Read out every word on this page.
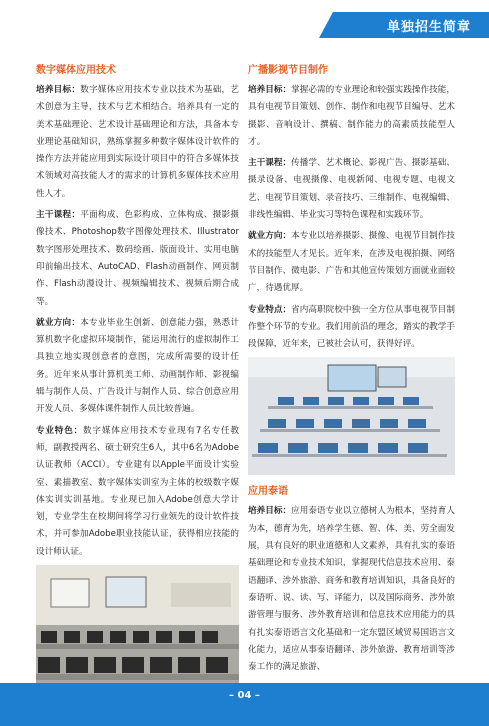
单独招生简章
数字媒体应用技术
培养目标：数字媒体应用技术专业以技术为基础，艺术创意为主导，技术与艺术相结合。培养具有一定的美术基础理论、艺术设计基础理论和方法，具备本专业理论基础知识，熟练掌握多种数字媒体设计软件的操作方法并能应用到实际设计项目中的符合多媒体技术领域对高技能人才的需求的计算机多媒体技术应用性人才。
主干课程：平面构成、色彩构成、立体构成、摄影摄像技术、Photoshop数字图像处理技术、Illustrator数字图形处理技术、数码绘画、版面设计、实用电脑印前输出技术、AutoCAD、Flash动画制作、网页制作、Flash动漫设计、视频编辑技术、视频后期合成等。
就业方向：本专业毕业生创新、创意能力强，熟悉计算机数字化虚拟环境制作，能运用流行的虚拟制作工具独立地实现创意者的意图，完成所需要的设计任务。近年来从事计算机美工师、动画制作师、影视编辑与制作人员、广告设计与制作人员、综合创意应用开发人员、多媒体课件制作人员比较普遍。
专业特色：数字媒体应用技术专业现有7名专任教师，副教授两名、硕士研究生6人，其中6名为Adobe认证教师（ACCI）。专业建有以Apple平面设计实验室、素描教室、数字媒体实训室为主体的校级数字媒体实训实训基地。专业现已加入Adobe创意大学计划，专业学生在校期间将学习行业领先的设计软件技术，并可参加Adobe职业技能认证，获得相应技能的设计师认证。
广播影视节目制作
培养目标：掌握必需的专业理论和较强实践操作技能，具有电视节目策划、创作、制作和电视节目编导、艺术摄影、音响设计、撰稿、制作能力的高素质技能型人才。
主干课程：传播学、艺术概论、影视广告、摄影基础、摄录设备、电视摄像、电视新闻、电视专题、电视文艺、电视节目策划、录音技巧、三维制作、电视编辑、非线性编辑、毕业实习等特色课程和实践环节。
就业方向：本专业以培养摄影、摄像、电视节目制作技术的技能型人才见长。近年来，在涉及电视拍摄、网络节目制作、微电影、广告和其他宣传策划方面就业面较广，待遇优厚。
专业特点：省内高职院校中独一全方位从事电视节目制作整个环节的专业。我们用前沿的理念，踏实的教学手段保障，近年来，已被社会认可，获得好评。
应用泰语
培养目标：应用泰语专业以立德树人为根本，坚持育人为本，德育为先，培养学生德、智、体、美、劳全面发展，具有良好的职业道德和人文素养，具有扎实的泰语基础理论和专业技术知识，掌握现代信息技术应用、泰语翻译、涉外旅游、商务和教育培训知识，具备良好的泰语听、说、读、写、译能力，以及国际商务、涉外旅游管理与服务、涉外教育培训和信息技术应用能力的具有扎实泰语语言文化基础和一定东盟区域贸易国语言文化能力，适应从事泰语翻译、涉外旅游、教育培训等涉泰工作的满足旅游、
– 04 –
